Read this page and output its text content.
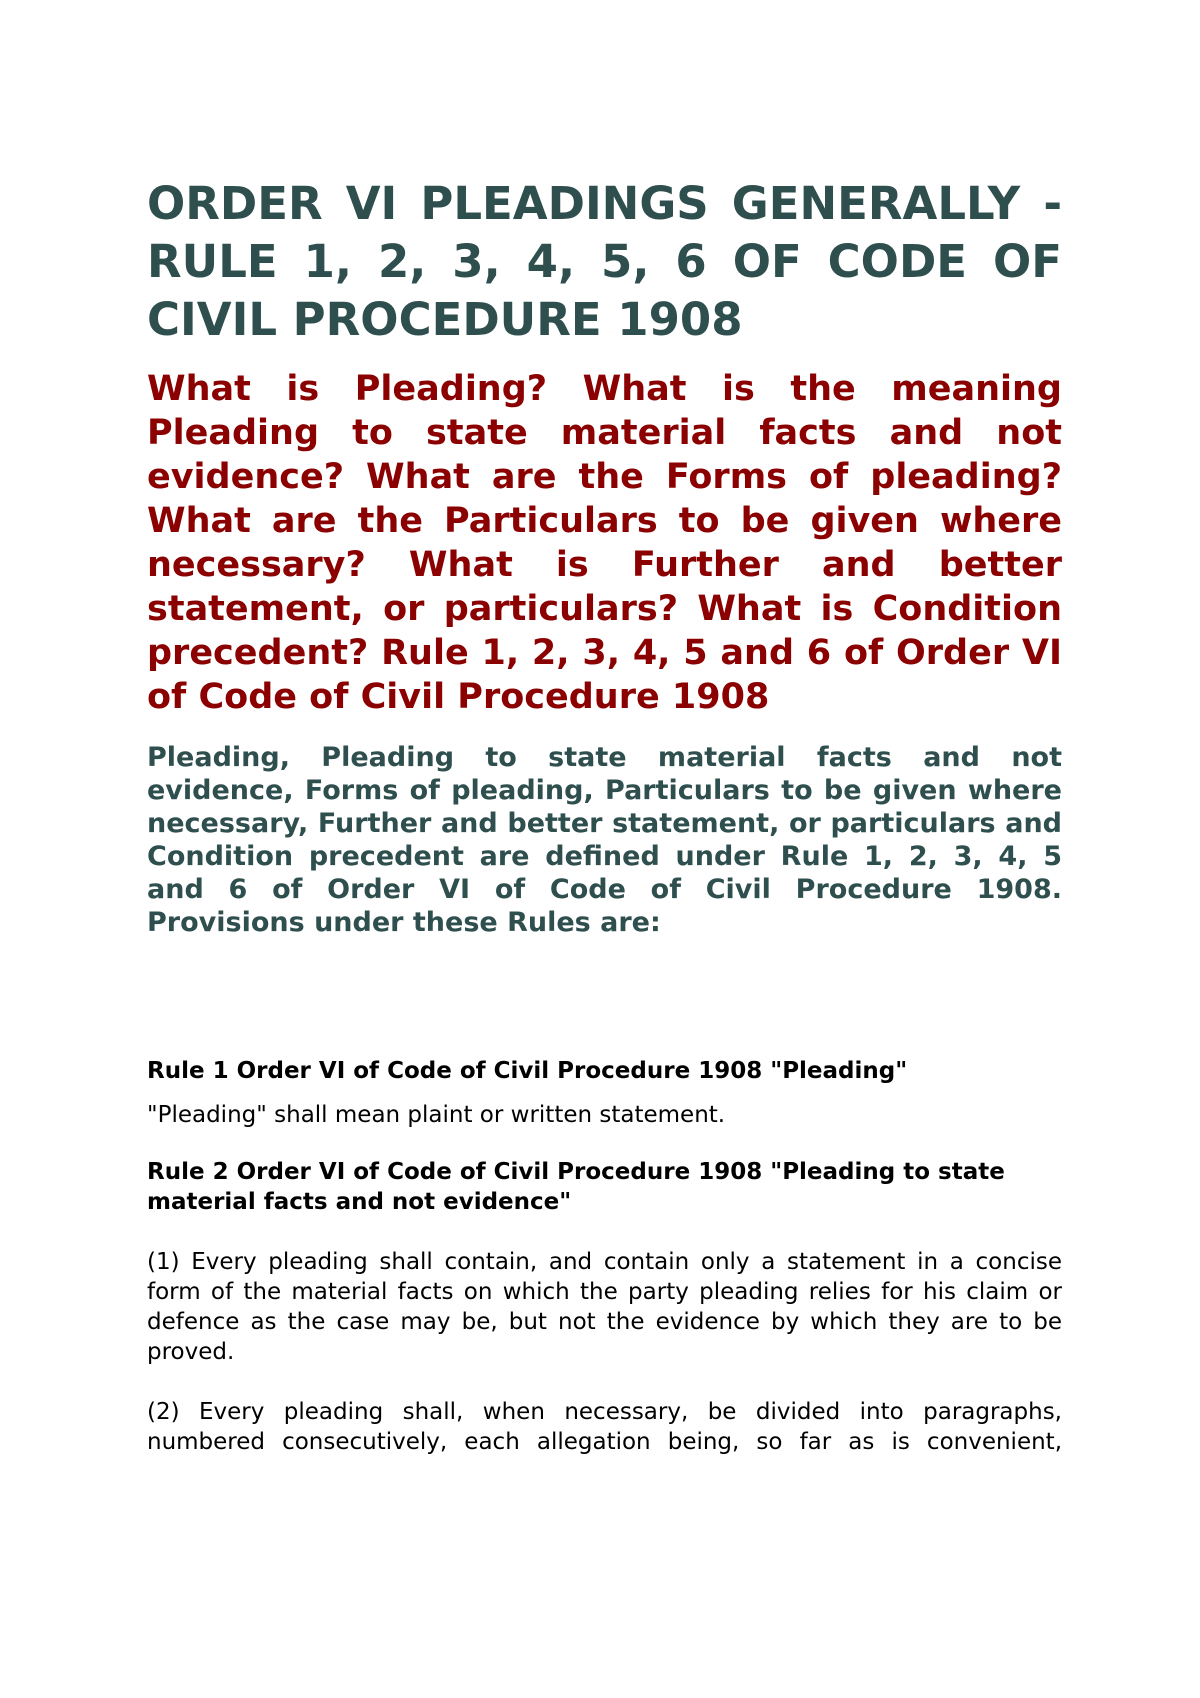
ORDER VI PLEADINGS GENERALLY - RULE 1, 2, 3, 4, 5, 6 OF CODE OF CIVIL PROCEDURE 1908
What is Pleading? What is the meaning Pleading to state material facts and not evidence? What are the Forms of pleading? What are the Particulars to be given where necessary? What is Further and better statement, or particulars? What is Condition precedent? Rule 1, 2, 3, 4, 5 and 6 of Order VI of Code of Civil Procedure 1908

Pleading, Pleading to state material facts and not evidence, Forms of pleading, Particulars to be given where necessary, Further and better statement, or particulars and Condition precedent are defined under Rule 1, 2, 3, 4, 5 and 6 of Order VI of Code of Civil Procedure 1908. Provisions under these Rules are:

Rule 1 Order VI of Code of Civil Procedure 1908 "Pleading"

"Pleading" shall mean plaint or written statement.

Rule 2 Order VI of Code of Civil Procedure 1908 "Pleading to state material facts and not evidence"

(1) Every pleading shall contain, and contain only a statement in a concise form of the material facts on which the party pleading relies for his claim or defence as the case may be, but not the evidence by which they are to be proved.

(2) Every pleading shall, when necessary, be divided into paragraphs, numbered consecutively, each allegation being, so far as is convenient,
